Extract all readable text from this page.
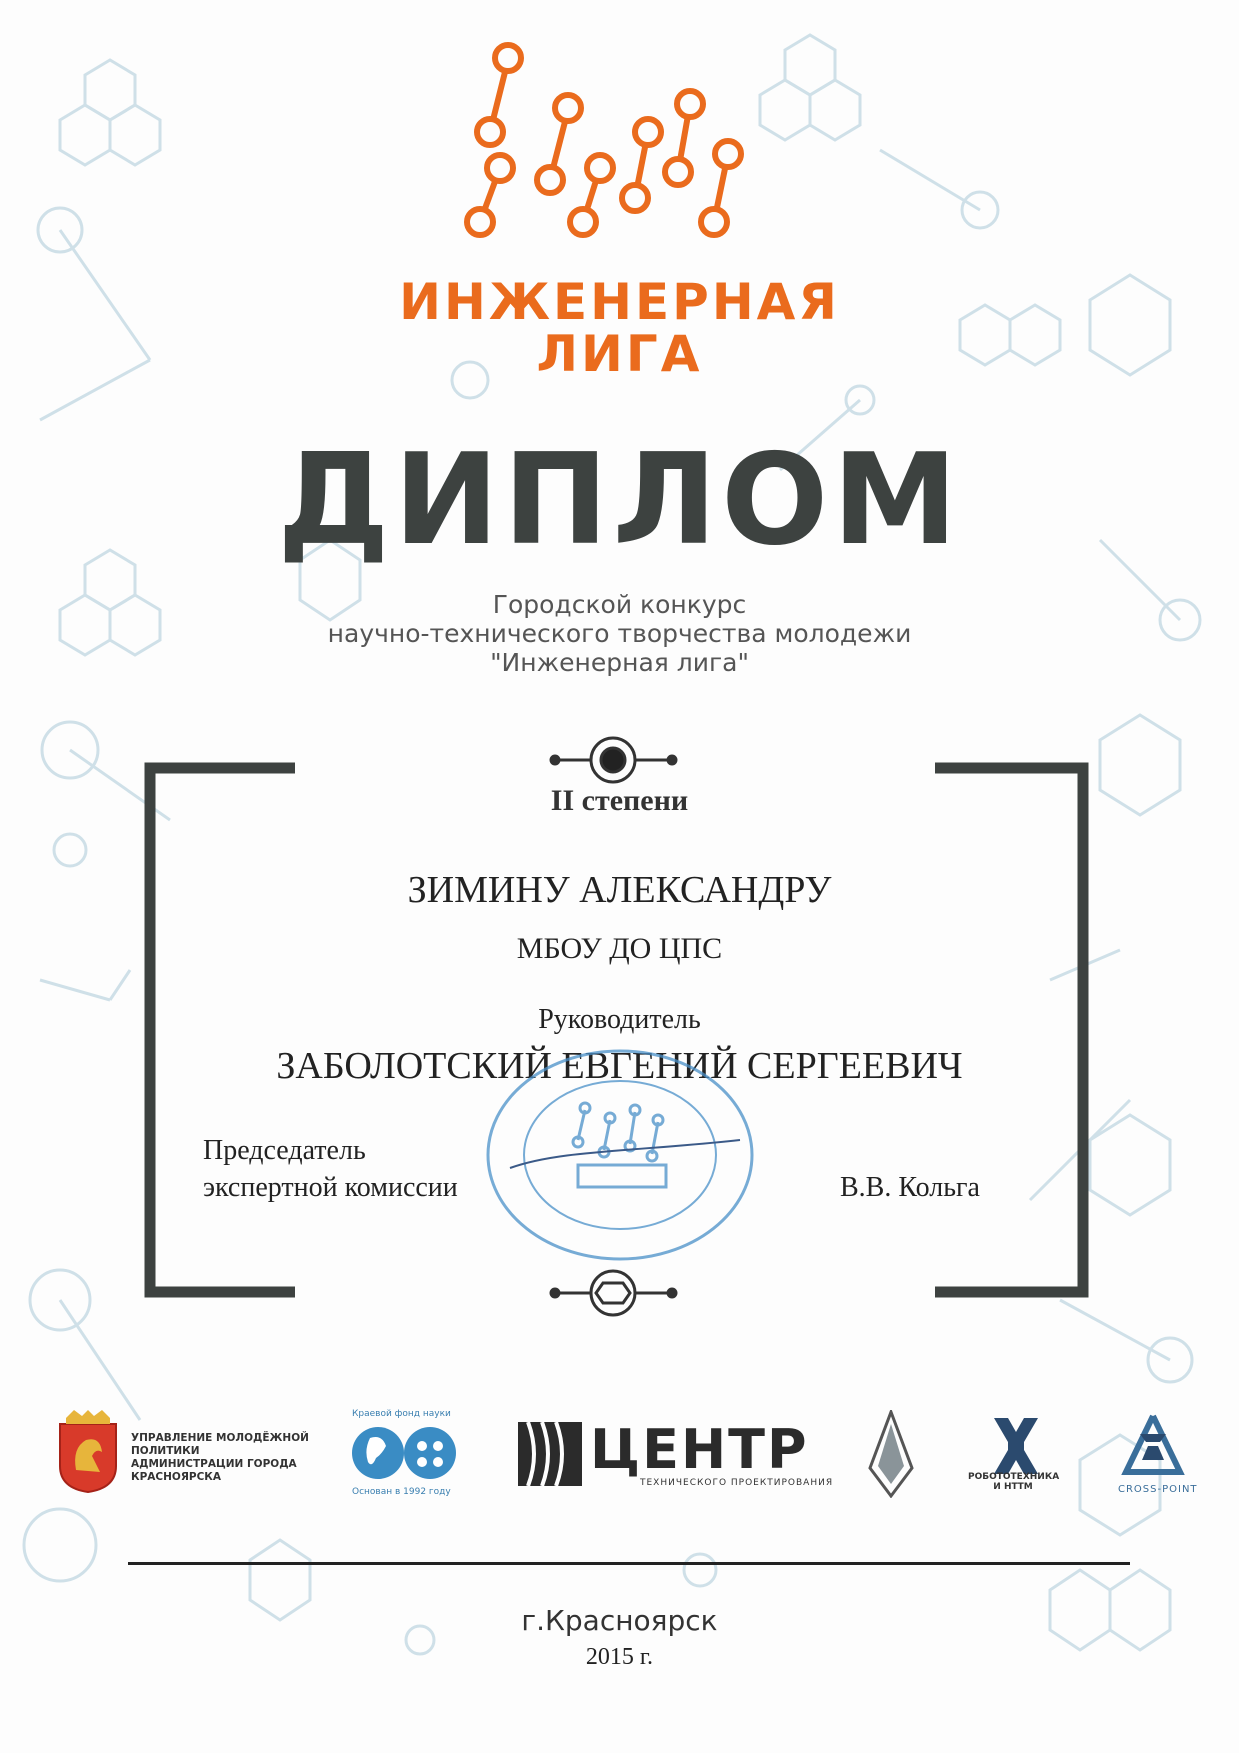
ИНЖЕНЕРНАЯ
ЛИГА
ДИПЛОМ
Городской конкурс
научно-технического творчества молодежи
"Инженерная лига"
II степени
ЗИМИНУ АЛЕКСАНДРУ
МБОУ ДО ЦПС
Руководитель
ЗАБОЛОТСКИЙ ЕВГЕНИЙ СЕРГЕЕВИЧ
Председатель
экспертной комиссии	В.В. Кольга
УПРАВЛЕНИЕ МОЛОДЁЖНОЙ ПОЛИТИКИ АДМИНИСТРАЦИИ ГОРОДА КРАСНОЯРСКА
Краевой фонд науки
Основан в 1992 году
ЦЕНТР
ТЕХНИЧЕСКОГО ПРОЕКТИРОВАНИЯ
РОБОТОТЕХНИКА И НТТМ	CROSS-POINT
г.Красноярск
2015 г.
